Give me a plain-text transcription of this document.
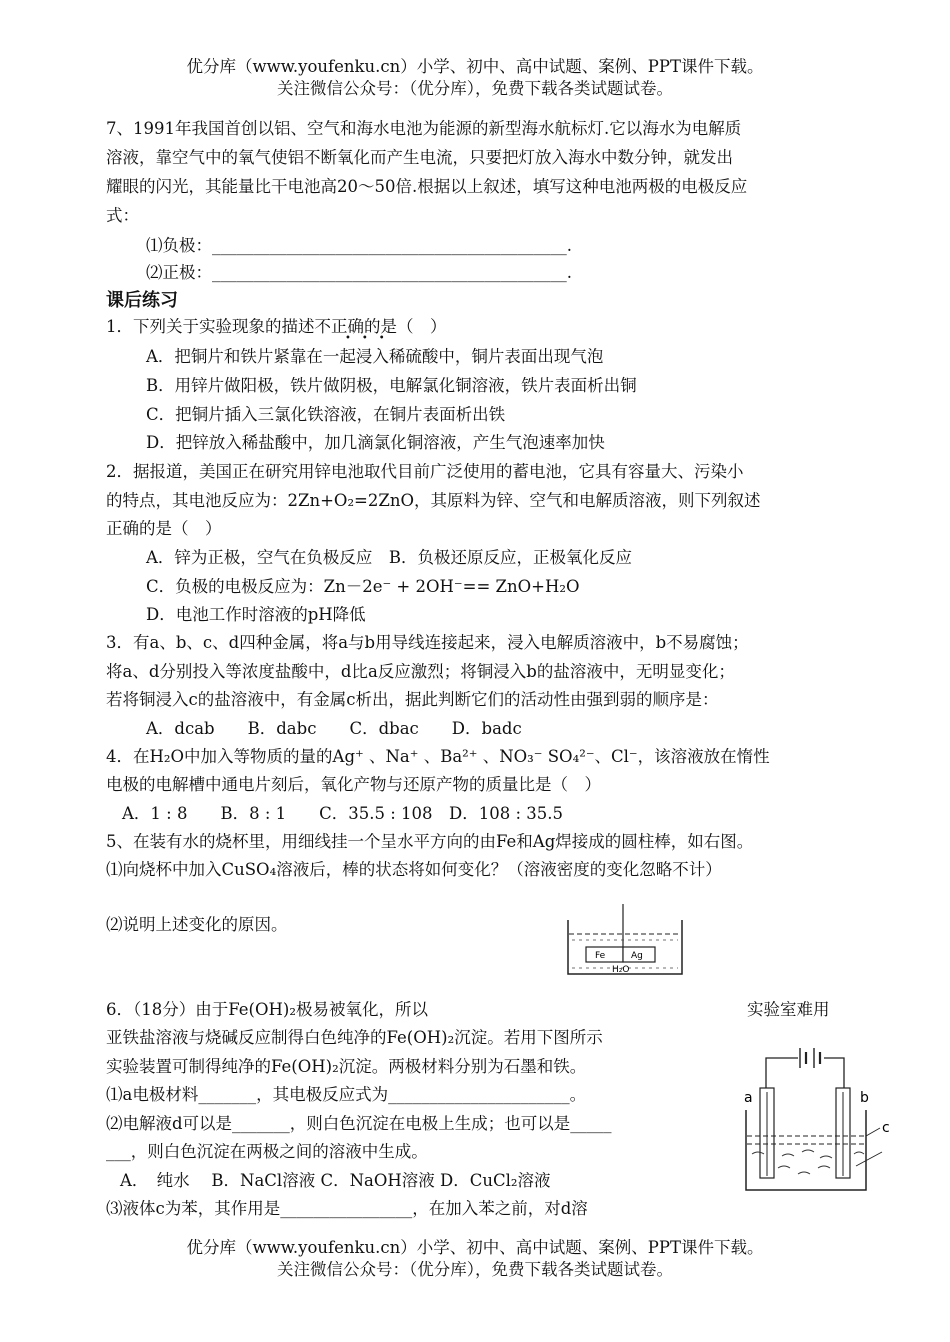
优分库（www.youfenku.cn）小学、初中、高中试题、案例、PPT课件下载。
关注微信公众号：（优分库），免费下载各类试题试卷。
7、1991年我国首创以铝、空气和海水电池为能源的新型海水航标灯.它以海水为电解质
溶液，靠空气中的氧气使铝不断氧化而产生电流，只要把灯放入海水中数分钟，就发出
耀眼的闪光，其能量比干电池高20～50倍.根据以上叙述，填写这种电池两极的电极反应
式：
⑴负极：___________________________________________.
⑵正极：___________________________________________.
课后练习
1．下列关于实验现象的描述不正确的是（　）
•••
A．把铜片和铁片紧靠在一起浸入稀硫酸中，铜片表面出现气泡
B．用锌片做阳极，铁片做阴极，电解氯化铜溶液，铁片表面析出铜
C．把铜片插入三氯化铁溶液，在铜片表面析出铁
D．把锌放入稀盐酸中，加几滴氯化铜溶液，产生气泡速率加快
2．据报道，美国正在研究用锌电池取代目前广泛使用的蓄电池，它具有容量大、污染小
的特点，其电池反应为：2Zn+O₂=2ZnO，其原料为锌、空气和电解质溶液，则下列叙述
正确的是（　）
A．锌为正极，空气在负极反应　B．负极还原反应，正极氧化反应
C．负极的电极反应为：Zn－2e⁻ + 2OH⁻== ZnO+H₂O
D．电池工作时溶液的pH降低
3．有a、b、c、d四种金属，将a与b用导线连接起来，浸入电解质溶液中，b不易腐蚀；
将a、d分别投入等浓度盐酸中，d比a反应激烈；将铜浸入b的盐溶液中，无明显变化；
若将铜浸入c的盐溶液中，有金属c析出，据此判断它们的活动性由强到弱的顺序是：
A．dcab　　B．dabc　　C．dbac　　D．badc
4．在H₂O中加入等物质的量的Ag⁺ 、Na⁺ 、Ba²⁺ 、NO₃⁻ SO₄²⁻、Cl⁻，该溶液放在惰性
电极的电解槽中通电片刻后，氧化产物与还原产物的质量比是（　）
A．1 : 8　　B．8 : 1　　C．35.5 : 108　D．108 : 35.5
5、在装有水的烧杯里，用细线挂一个呈水平方向的由Fe和Ag焊接成的圆柱棒，如右图。
⑴向烧杯中加入CuSO₄溶液后，棒的状态将如何变化？（溶液密度的变化忽略不计）
⑵说明上述变化的原因。
Fe	Ag
H₂O
6．（18分）由于Fe(OH)₂极易被氧化，所以	实验室难用
亚铁盐溶液与烧碱反应制得白色纯净的Fe(OH)₂沉淀。若用下图所示
实验装置可制得纯净的Fe(OH)₂沉淀。两极材料分别为石墨和铁。
⑴a电极材料_______，其电极反应式为______________________。
⑵电解液d可以是_______，则白色沉淀在电极上生成；也可以是_____
___，则白色沉淀在两极之间的溶液中生成。
A．　纯水　 B．NaCl溶液 C．NaOH溶液 D．CuCl₂溶液
⑶液体c为苯，其作用是________________，在加入苯之前，对d溶
a	b
c
优分库（www.youfenku.cn）小学、初中、高中试题、案例、PPT课件下载。
关注微信公众号：（优分库），免费下载各类试题试卷。
